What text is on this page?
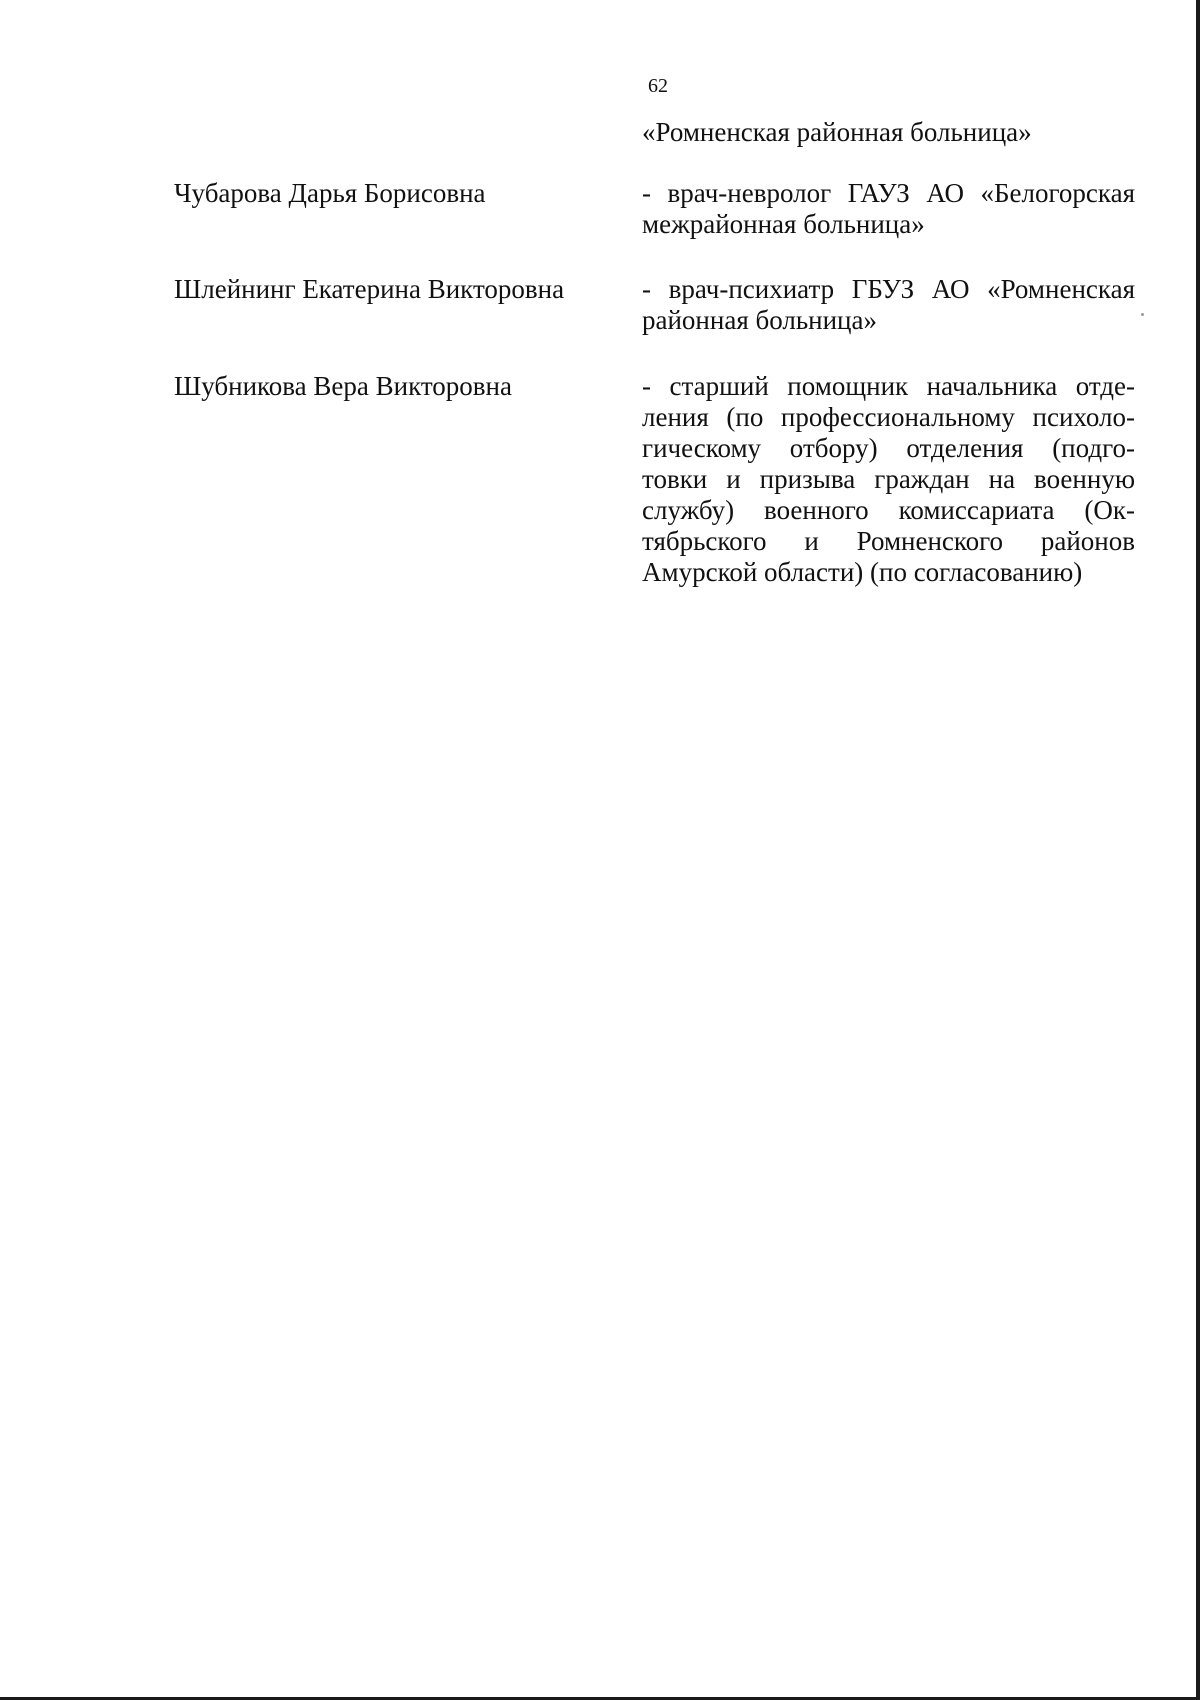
62
«Ромненская районная больница»
Чубарова Дарья Борисовна	- врач-невролог ГАУЗ АО «Белогорская
межрайонная больница»
Шлейнинг Екатерина Викторовна	- врач-психиатр ГБУЗ АО «Ромненская
районная больница»
Шубникова Вера Викторовна	- старший помощник начальника отде-
ления (по профессиональному психоло-
гическому отбору) отделения (подго-
товки и призыва граждан на военную
службу) военного комиссариата (Ок-
тябрьского и Ромненского районов
Амурской области) (по согласованию)
